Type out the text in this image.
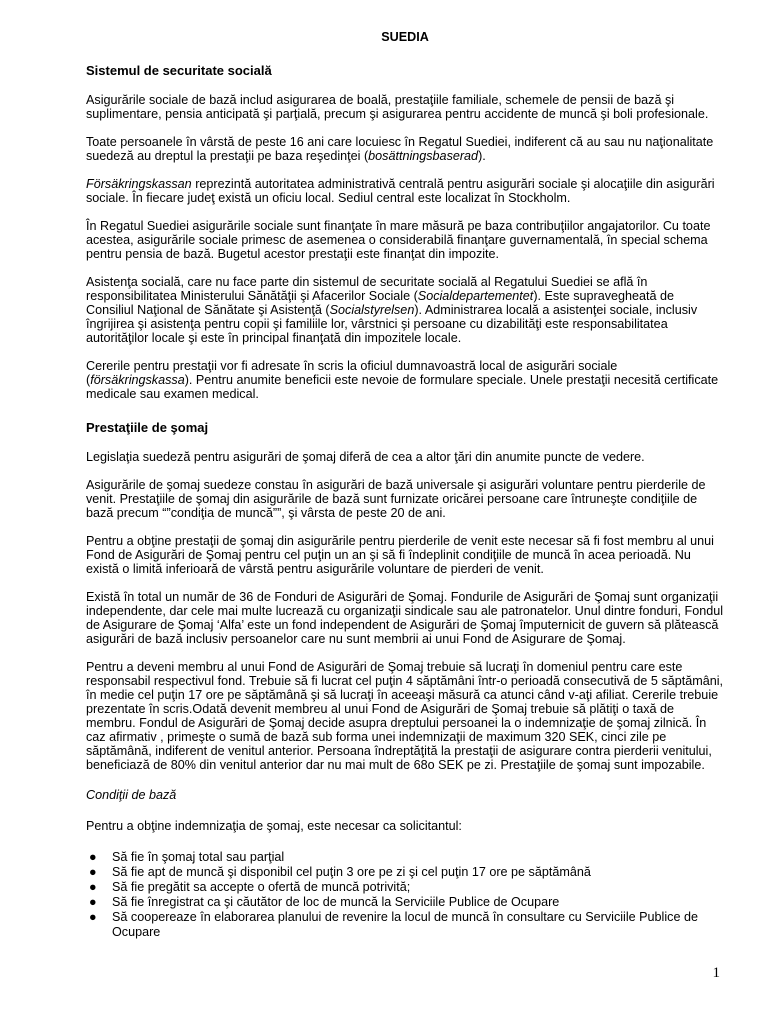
SUEDIA
Sistemul de securitate socială

Asigurările sociale de bază includ asigurarea de boală, prestaţiile familiale, schemele de pensii de bază şi suplimentare, pensia anticipată şi parţială, precum şi asigurarea pentru accidente de muncă şi boli profesionale.

Toate persoanele în vârstă de peste 16 ani care locuiesc în Regatul Suediei, indiferent că au sau nu naţionalitate suedeză au dreptul la prestaţii pe baza reşedinţei (bosättningsbaserad).

Försäkringskassan reprezintă autoritatea administrativă centrală pentru asigurări sociale şi alocaţiile din asigurări sociale. În fiecare judeţ există un oficiu local. Sediul central este localizat în Stockholm.

În Regatul Suediei asigurările sociale sunt finanţate în mare măsură pe baza contribuţiilor angajatorilor. Cu toate acestea, asigurările sociale primesc de asemenea o considerabilă finanţare guvernamentală, în special schema pentru pensia de bază. Bugetul acestor prestaţii este finanţat din impozite.

Asistenţa socială, care nu face parte din sistemul de securitate socială al Regatului Suediei se află în responsibilitatea Ministerului Sănătăţii şi Afacerilor Sociale (Socialdepartementet). Este supravegheată de Consiliul Naţional de Sănătate şi Asistenţă (Socialstyrelsen). Administrarea locală a asistenţei sociale, inclusiv îngrijirea şi asistenţa pentru copii şi familiile lor, vârstnici şi persoane cu dizabilităţi este responsabilitatea autorităţilor locale şi este în principal finanţată din impozitele locale.

Cererile pentru prestaţii vor fi adresate în scris la oficiul dumnavoastră local de asigurări sociale (försäkringskassa). Pentru anumite beneficii este nevoie de formulare speciale. Unele prestaţii necesită certificate medicale sau examen medical.

Prestaţiile de şomaj

Legislaţia suedeză pentru asigurări de şomaj diferă de cea a altor ţări din anumite puncte de vedere.

Asigurările de şomaj suedeze constau în asigurări de bază universale şi asigurări voluntare pentru pierderile de venit. Prestaţiile de şomaj din asigurările de bază sunt furnizate oricărei persoane care întruneşte condiţiile de bază precum “”condiţia de muncă””, şi vârsta de peste 20 de ani.

Pentru a obţine prestaţii de şomaj din asigurările pentru pierderile de venit este necesar să fi fost membru al unui Fond de Asigurări de Şomaj pentru cel puţin un an şi să fi îndeplinit condiţiile de muncă în acea perioadă. Nu există o limită inferioară de vârstă pentru asigurările voluntare de pierderi de venit.

Există în total un număr de 36 de Fonduri de Asigurări de Şomaj. Fondurile de Asigurări de Şomaj sunt organizaţii independente, dar cele mai multe lucrează cu organizaţii sindicale sau ale patronatelor. Unul dintre fonduri, Fondul de Asigurare de Şomaj ‘Alfa’ este un fond independent de Asigurări de Şomaj împuternicit de guvern să plătească asigurări de bază inclusiv persoanelor care nu sunt membrii ai unui Fond de Asigurare de Şomaj.

Pentru a deveni membru al unui Fond de Asigurări de Şomaj trebuie să lucraţi în domeniul pentru care este responsabil respectivul fond. Trebuie să fi lucrat cel puţin 4 săptămâni într-o perioadă consecutivă de 5 săptămâni, în medie cel puţin 17 ore pe săptămână şi să lucraţi în aceeaşi măsură ca atunci când v-aţi afiliat. Cererile trebuie prezentate în scris.Odată devenit membreu al unui Fond de Asigurări de Şomaj trebuie să plătiţi o taxă de membru. Fondul de Asigurări de Şomaj decide asupra dreptului persoanei la o indemnizaţie de şomaj zilnică. În caz afirmativ , primeşte o sumă de bază sub forma unei indemnizaţii de maximum 320 SEK, cinci zile pe săptămână, indiferent de venitul anterior. Persoana îndreptăţită la prestaţii de asigurare contra pierderii venitului, beneficiază de 80% din venitul anterior dar nu mai mult de 68o SEK pe zi. Prestaţiile de şomaj sunt impozabile.

Condiţii de bază

Pentru a obţine indemnizaţia de şomaj, este necesar ca solicitantul:

● Să fie în şomaj total sau parţial
● Să fie apt de muncă şi disponibil cel puţin 3 ore pe zi şi cel puţin 17 ore pe săptămână
● Să fie pregătit sa accepte o ofertă de muncă potrivită;
● Să fie înregistrat ca şi căutător de loc de muncă la Serviciile Publice de Ocupare
● Să coopereaze în elaborarea planului de revenire la locul de muncă în consultare cu Serviciile Publice de Ocupare
1
